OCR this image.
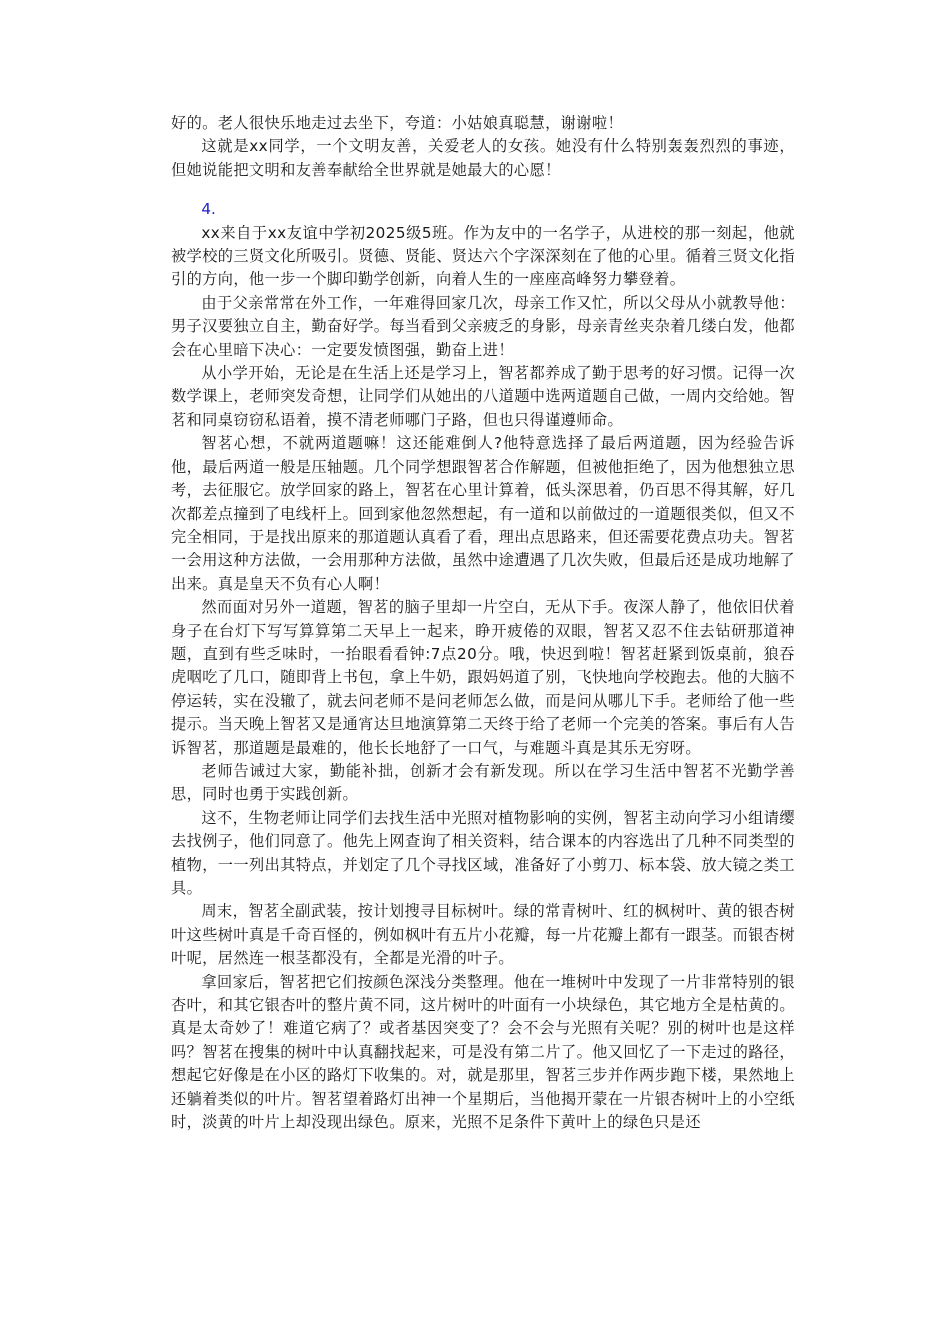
好的。老人很快乐地走过去坐下，夸道：小姑娘真聪慧，谢谢啦！

这就是xx同学，一个文明友善，关爱老人的女孩。她没有什么特别轰轰烈烈的事迹，但她说能把文明和友善奉献给全世界就是她最大的心愿！

4.

xx来自于xx友谊中学初2025级5班。作为友中的一名学子，从进校的那一刻起，他就被学校的三贤文化所吸引。贤德、贤能、贤达六个字深深刻在了他的心里。循着三贤文化指引的方向，他一步一个脚印勤学创新，向着人生的一座座高峰努力攀登着。

由于父亲常常在外工作，一年难得回家几次，母亲工作又忙，所以父母从小就教导他：男子汉要独立自主，勤奋好学。每当看到父亲疲乏的身影，母亲青丝夹杂着几缕白发，他都会在心里暗下决心：一定要发愤图强，勤奋上进！

从小学开始，无论是在生活上还是学习上，智茗都养成了勤于思考的好习惯。记得一次数学课上，老师突发奇想，让同学们从她出的八道题中选两道题自己做，一周内交给她。智茗和同桌窃窃私语着，摸不清老师哪门子路，但也只得谨遵师命。

智茗心想，不就两道题嘛！这还能难倒人?他特意选择了最后两道题，因为经验告诉他，最后两道一般是压轴题。几个同学想跟智茗合作解题，但被他拒绝了，因为他想独立思考，去征服它。放学回家的路上，智茗在心里计算着，低头深思着，仍百思不得其解，好几次都差点撞到了电线杆上。回到家他忽然想起，有一道和以前做过的一道题很类似，但又不完全相同，于是找出原来的那道题认真看了看，理出点思路来，但还需要花费点功夫。智茗一会用这种方法做，一会用那种方法做，虽然中途遭遇了几次失败，但最后还是成功地解了出来。真是皇天不负有心人啊！

然而面对另外一道题，智茗的脑子里却一片空白，无从下手。夜深人静了，他依旧伏着身子在台灯下写写算算第二天早上一起来，睁开疲倦的双眼，智茗又忍不住去钻研那道神题，直到有些乏味时，一抬眼看看钟:7点20分。哦，快迟到啦！智茗赶紧到饭桌前，狼吞虎咽吃了几口，随即背上书包，拿上牛奶，跟妈妈道了别，飞快地向学校跑去。他的大脑不停运转，实在没辙了，就去问老师不是问老师怎么做，而是问从哪儿下手。老师给了他一些提示。当天晚上智茗又是通宵达旦地演算第二天终于给了老师一个完美的答案。事后有人告诉智茗，那道题是最难的，他长长地舒了一口气，与难题斗真是其乐无穷呀。

老师告诫过大家，勤能补拙，创新才会有新发现。所以在学习生活中智茗不光勤学善思，同时也勇于实践创新。

这不，生物老师让同学们去找生活中光照对植物影响的实例，智茗主动向学习小组请缨去找例子，他们同意了。他先上网查询了相关资料，结合课本的内容选出了几种不同类型的植物，一一列出其特点，并划定了几个寻找区域，准备好了小剪刀、标本袋、放大镜之类工具。

周末，智茗全副武装，按计划搜寻目标树叶。绿的常青树叶、红的枫树叶、黄的银杏树叶这些树叶真是千奇百怪的，例如枫叶有五片小花瓣，每一片花瓣上都有一跟茎。而银杏树叶呢，居然连一根茎都没有，全都是光滑的叶子。

拿回家后，智茗把它们按颜色深浅分类整理。他在一堆树叶中发现了一片非常特别的银杏叶，和其它银杏叶的整片黄不同，这片树叶的叶面有一小块绿色，其它地方全是枯黄的。真是太奇妙了！难道它病了？或者基因突变了？会不会与光照有关呢？别的树叶也是这样吗？智茗在搜集的树叶中认真翻找起来，可是没有第二片了。他又回忆了一下走过的路径，想起它好像是在小区的路灯下收集的。对，就是那里，智茗三步并作两步跑下楼，果然地上还躺着类似的叶片。智茗望着路灯出神一个星期后，当他揭开蒙在一片银杏树叶上的小空纸时，淡黄的叶片上却没现出绿色。原来，光照不足条件下黄叶上的绿色只是还
